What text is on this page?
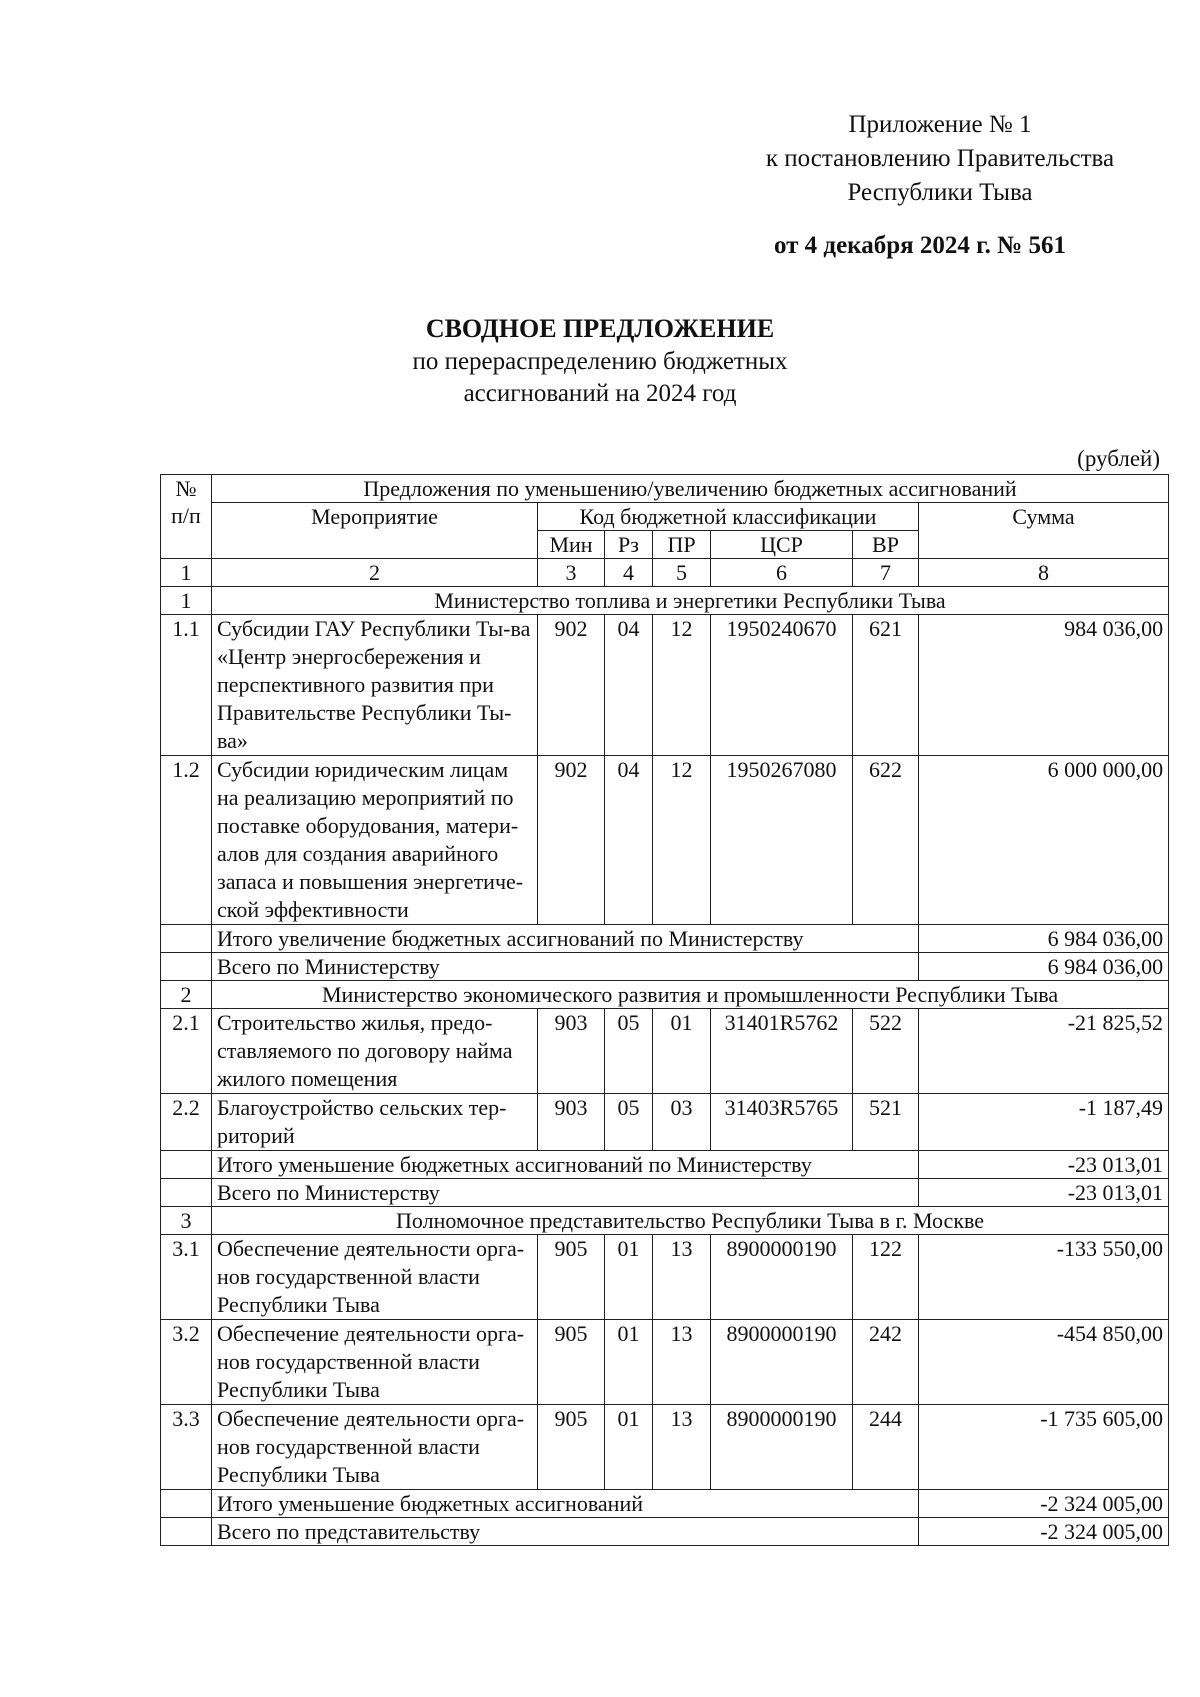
Приложение № 1
к постановлению Правительства
Республики Тыва
от 4 декабря 2024 г. № 561
СВОДНОЕ ПРЕДЛОЖЕНИЕ
по перераспределению бюджетных
ассигнований на 2024 год
(рублей)
№ п/п	Предложения по уменьшению/увеличению бюджетных ассигнований						
	Мероприятие	Код бюджетной классификации					Сумма
		Мин	Рз	ПР	ЦСР	ВР	
1	2	3	4	5	6	7	8
1	Министерство топлива и энергетики Республики Тыва						
1.1	Субсидии ГАУ Республики Ты-ва «Центр энергосбережения и перспективного развития при Правительстве Республики Ты-ва»	902	04	12	1950240670	621	984 036,00
1.2	Субсидии юридическим лицам на реализацию мероприятий по поставке оборудования, матери-алов для создания аварийного запаса и повышения энергетиче-ской эффективности	902	04	12	1950267080	622	6 000 000,00
	Итого увеличение бюджетных ассигнований по Министерству						6 984 036,00
	Всего по Министерству						6 984 036,00
2	Министерство экономического развития и промышленности Республики Тыва						
2.1	Строительство жилья, предо-ставляемого по договору найма жилого помещения	903	05	01	31401R5762	522	-21 825,52
2.2	Благоустройство сельских тер-риторий	903	05	03	31403R5765	521	-1 187,49
	Итого уменьшение бюджетных ассигнований по Министерству						-23 013,01
	Всего по Министерству						-23 013,01
3	Полномочное представительство Республики Тыва в г. Москве						
3.1	Обеспечение деятельности орга-нов государственной власти Республики Тыва	905	01	13	8900000190	122	-133 550,00
3.2	Обеспечение деятельности орга-нов государственной власти Республики Тыва	905	01	13	8900000190	242	-454 850,00
3.3	Обеспечение деятельности орга-нов государственной власти Республики Тыва	905	01	13	8900000190	244	-1 735 605,00
	Итого уменьшение бюджетных ассигнований						-2 324 005,00
	Всего по представительству						-2 324 005,00
